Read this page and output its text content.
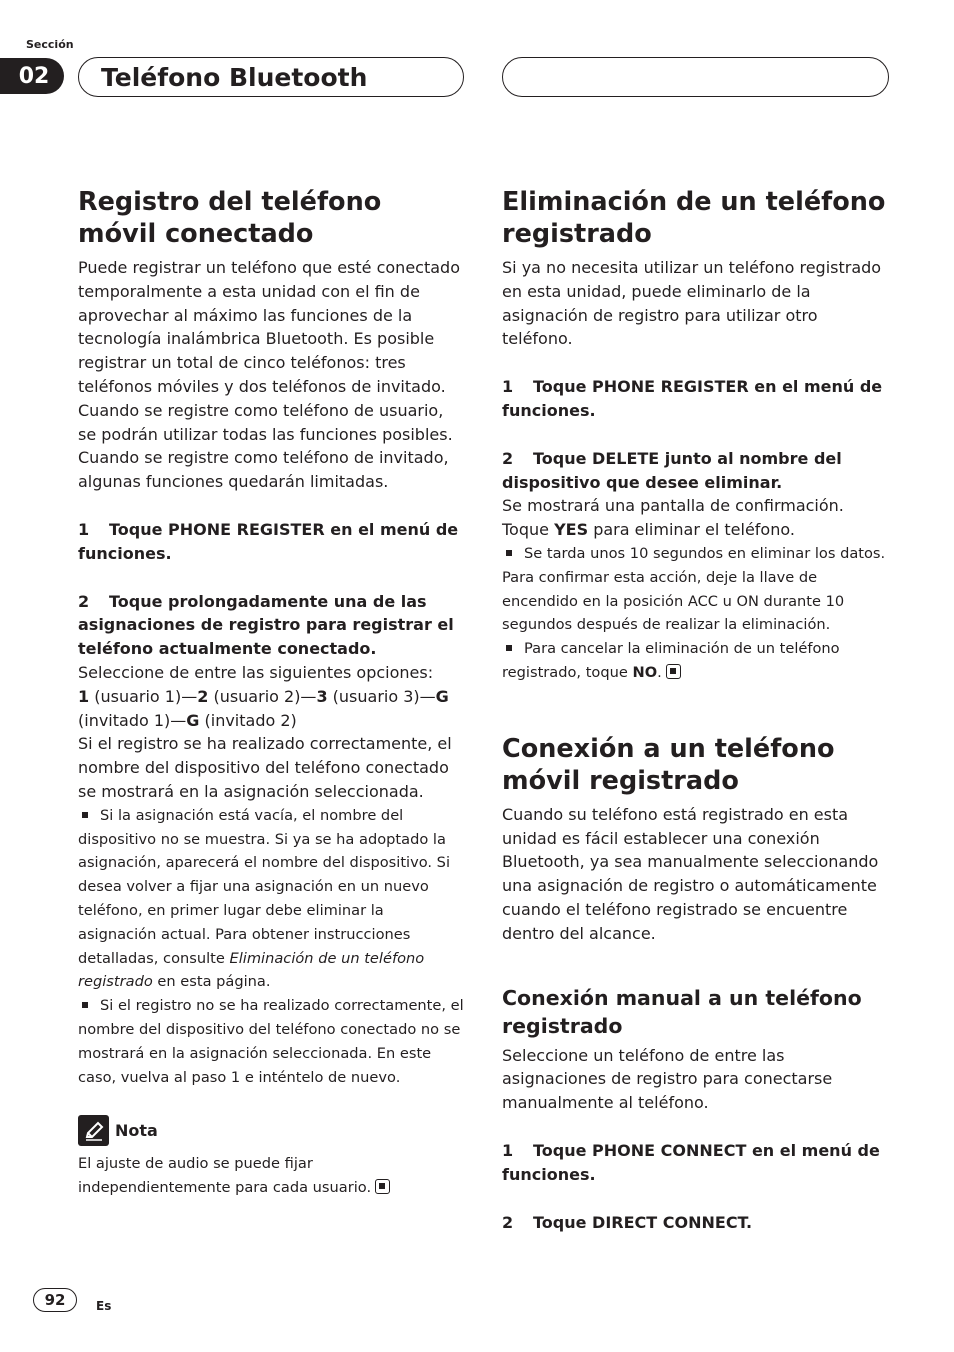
Sección
02	Teléfono Bluetooth
Registro del teléfono móvil conectado

Puede registrar un teléfono que esté conectado temporalmente a esta unidad con el fin de aprovechar al máximo las funciones de la tecnología inalámbrica Bluetooth. Es posible registrar un total de cinco teléfonos: tres teléfonos móviles y dos teléfonos de invitado. Cuando se registre como teléfono de usuario, se podrán utilizar todas las funciones posibles. Cuando se registre como teléfono de invitado, algunas funciones quedarán limitadas.

1 Toque PHONE REGISTER en el menú de funciones.

2 Toque prolongadamente una de las asignaciones de registro para registrar el teléfono actualmente conectado.

Seleccione de entre las siguientes opciones:

1 (usuario 1)—2 (usuario 2)—3 (usuario 3)—G (invitado 1)—G (invitado 2)

Si el registro se ha realizado correctamente, el nombre del dispositivo del teléfono conectado se mostrará en la asignación seleccionada.

Si la asignación está vacía, el nombre del dispositivo no se muestra. Si ya se ha adoptado la asignación, aparecerá el nombre del dispositivo. Si desea volver a fijar una asignación en un nuevo teléfono, en primer lugar debe eliminar la asignación actual. Para obtener instrucciones detalladas, consulte Eliminación de un teléfono registrado en esta página.

Si el registro no se ha realizado correctamente, el nombre del dispositivo del teléfono conectado no se mostrará en la asignación seleccionada. En este caso, vuelva al paso 1 e inténtelo de nuevo.

Nota

El ajuste de audio se puede fijar independientemente para cada usuario.

Eliminación de un teléfono registrado

Si ya no necesita utilizar un teléfono registrado en esta unidad, puede eliminarlo de la asignación de registro para utilizar otro teléfono.

1 Toque PHONE REGISTER en el menú de funciones.

2 Toque DELETE junto al nombre del dispositivo que desee eliminar.

Se mostrará una pantalla de confirmación.

Toque YES para eliminar el teléfono.

Se tarda unos 10 segundos en eliminar los datos. Para confirmar esta acción, deje la llave de encendido en la posición ACC u ON durante 10 segundos después de realizar la eliminación.

Para cancelar la eliminación de un teléfono registrado, toque NO.

Conexión a un teléfono móvil registrado

Cuando su teléfono está registrado en esta unidad es fácil establecer una conexión Bluetooth, ya sea manualmente seleccionando una asignación de registro o automáticamente cuando el teléfono registrado se encuentre dentro del alcance.

Conexión manual a un teléfono registrado

Seleccione un teléfono de entre las asignaciones de registro para conectarse manualmente al teléfono.

1 Toque PHONE CONNECT en el menú de funciones.

2 Toque DIRECT CONNECT.

92	Es
